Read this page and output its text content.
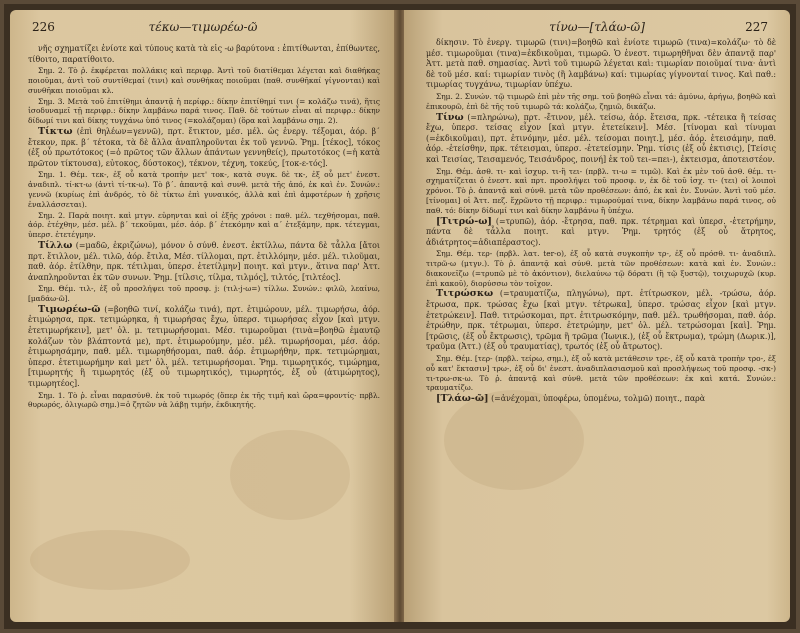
226	τέκω—τιμωρέω-ῶ
νῆς σχηματίζει ἐνίοτε καὶ τύπους κατὰ τὰ εἰς -ω βαρύτονα : ἐπιτίθωνται, ἐπίθωντες, τίθοιτο, παρατίθοιτο.
Σημ. 2. Τὸ ῥ. ἐκφέρεται πολλάκις καὶ περιφρ. Ἀντὶ τοῦ διατίθεμαι λέγεται καὶ διαθήκας ποιοῦμαι, ἀντὶ τοῦ συντίθεμαί (τινι) καὶ συνθήκας ποιοῦμαι (παθ. συνθῆκαί γίγνονται) καὶ συνθῆκαι ποιοῦμαι κλ.
Σημ. 3. Μετὰ τοῦ ἐπιτίθημι ἀπαντᾷ ἡ περίφρ.: δίκην ἐπιτίθημί τινι (= κολάζω τινά), ἥτις ἰσοδυναμεῖ τῇ περιφρ.: δίκην λαμβάνω παρά τινος. Παθ. δὲ τούτων εἶναι αἱ περιφρ.: δίκην δίδωμί τινι καὶ δίκης τυγχάνω ὑπό τινος (=κολάζομαι) (ὅρα καὶ λαμβάνω σημ. 2).
Τίκτω (ἐπὶ θηλέων=γεννῶ), πρτ. ἔτικτον, μέσ. μέλ. ὡς ἐνεργ. τέξομαι, ἀόρ. β΄ ἔτεκον, πρκ. β΄ τέτοκα, τὰ δὲ ἄλλα ἀναπληροῦνται ἐκ τοῦ γεννῶ. Ῥημ. [τέκος], τόκος (ἐξ οὗ πρωτότοκος (=ὁ πρῶτος τῶν ἄλλων ἀπάντων γεννηθείς), πρωτοτόκος (=ἡ κατὰ πρῶτον τίκτουσα), εὐτοκος, δύστοκος), τέκνον, τέχνη, τοκεύς, [τοκ-ε-τός].
Σημ. 1. Θέμ. τεκ-, ἐξ οὗ κατὰ τροπὴν μετ' τοκ-, κατὰ συγκ. δὲ τκ-, ἐξ οὗ μετ' ἐνεστ. ἀναδιπλ. τί-κτ-ω (ἀντὶ τί-τκ-ω). Τὸ β΄. ἀπαντᾷ καὶ συνθ. μετὰ τῆς ἀπό, ἐκ καὶ ἐν. Συνών.: γεννῶ (κυρίως ἐπὶ ἀνδρός, τὸ δὲ τίκτω ἐπὶ γυναικός, ἀλλὰ καὶ ἐπὶ ἀμφοτέρων ἡ χρῆσις ἐναλλάσσεται).
Σημ. 2. Παρὰ ποιητ. καὶ μτγν. εὑρηνται καὶ οἱ ἑξῆς χρόνοι : παθ. μέλ. τεχθήσομαι, παθ. ἀόρ. ἐτέχθην, μέσ. μέλ. β΄ τεκοῦμαι, μέσ. ἀόρ. β΄ ἐτεκόμην καὶ α΄ ἐτεξάμην, πρκ. τέτεγμαι, ὑπερσ. ἐτετέγμην.
Τίλλω (=μαδῶ, ἐκριζώνω), μόνον ὁ σύνθ. ἐνεστ. ἐκτίλλω, πάντα δὲ τἆλλα [ἄτοι πρτ. ἔτιλλον, μέλ. τιλῶ, ἀόρ. ἔτιλα, Μέσ. τίλλομαι, πρτ. ἐτιλλόμην, μέσ. μέλ. τιλοῦμαι, παθ. ἀόρ. ἐτίλθην, πρκ. τέτιλμαι, ὑπερσ. ἐτετίλμην] ποιητ. καὶ μτγν., ἅτινα παρ' Ἀττ. ἀναπληροῦνται ἐκ τῶν συνων. Ῥημ. [τίλσις, τίλμα, τιλμός], τιλτός, [τιλτέος].
Σημ. Θέμ. τιλ-, ἐξ οὗ προσλήψει τοῦ προσφ. j: (τιλ-j-ω=) τίλλω. Συνών.: φιλῶ, λεαίνω, [μαδάω-ῶ].
Τιμωρέω-ῶ (=βοηθῶ τινί, κολάζω τινά), πρτ. ἐτιμώρουν, μέλ. τιμωρήσω, ἀόρ. ἐτιμώρησα, πρκ. τετιμώρηκα, ἡ τιμωρήσας ἔχω, ὑπερσ. τιμωρήσας εἶχον [καὶ μτγν. ἐτετιμωρήκειν], μετ' ὀλ. μ. τετιμωρήσομαι. Μέσ. τιμωροῦμαι (τινὰ=βοηθῶ ἐμαυτῷ κολάζων τὸν βλάπτοντά με), πρτ. ἐτιμωρούμην, μέσ. μέλ. τιμωρήσομαι, μέσ. ἀόρ. ἐτιμωρησάμην, παθ. μέλ. τιμωρηθήσομαι, παθ. ἀόρ. ἐτιμωρήθην, πρκ. τετιμώρημαι, ὑπερσ. ἐτετιμωρήμην καὶ μετ' ὀλ. μέλ. τετιμωρήσομαι. Ῥημ. τιμωρητικός, τιμώρημα, [τιμωρητής ἢ τιμωρητός (ἐξ οὗ τιμωρητικός), τιμωρητός, ἐξ οὗ (ἀτιμώρητος), τιμωρητέος].
Σημ. 1. Τὸ ῥ. εἶναι παρασύνθ. ἐκ τοῦ τιμωρός (ὅπερ ἐκ τῆς τιμῆ καὶ ὤρα=φροντίς· πρβλ. θυρωρός, ὀλιγωρῶ σημ.)=ὁ ζητῶν νὰ λάβῃ τιμήν, ἐκδικητής.
τίνω—[τλάω-ῶ]	227
δίκησιν. Τὸ ἐνεργ. τιμωρῶ (τινι)=βοηθῶ καὶ ἐνίοτε τιμωρῶ (τινα)=κολάζω· τὸ δὲ μέσ. τιμωροῦμαι (τινα)=ἐκδικοῦμαι, τιμωρῶ. Ὁ ἐνεστ. τιμωρηθῆναι δὲν ἀπαντᾷ παρ' Ἀττ. μετὰ παθ. σημασίας. Ἀντὶ τοῦ τιμωρῶ λέγεται καὶ: τιμωρίαν ποιοῦμαί τινα· ἀντὶ δὲ τοῦ μέσ. καί: τιμωρίαν τινὸς (ἢ λαμβάνω) καί: τιμωρίας γίγνονταί τινος. Καὶ παθ.: τιμωρίας τυγχάνω, τιμωρίαν ὑπέχω.
Σημ. 2. Συνών. τῷ τιμωρῶ ἐπὶ μὲν τῆς σημ. τοῦ βοηθῶ εἶναι τά: ἀμύνω, ἀρήγω, βοηθῶ καὶ ἐπικουρῶ, ἐπὶ δὲ τῆς τοῦ τιμωρῶ τά: κολάζω, ζημιῶ, δικάζω.
Τίνω (=πληρώνω), πρτ. -ἔτινον, μέλ. τείσω, ἀόρ. ἔτεισα, πρκ. -τέτεικα ἢ τείσας ἔχω, ὑπερσ. τείσας εἶχον [καὶ μτγν. ἐτετείκειν]. Μέσ. [τίνομαι καὶ τίνυμαι (=ἐκδικοῦμαι), πρτ. ἐτινόμην, μέσ. μέλ. τείσομαι ποιητ.], μέσ. ἀόρ. ἐτεισάμην, παθ. ἀόρ. -ἐτείσθην, πρκ. τέτεισμαι, ὑπερσ. -ἐτετείσμην. Ῥημ. τίσις (ἐξ οὗ ἐκτισις), [Τείσις καὶ Τεισίας, Τεισαμενός, Τεισάνδρος, ποινή] ἐκ τοῦ τει-=πει-), ἐκτεισμα, ἀποτειστέον.
Σημ. Θέμ. ἀσθ. τι- καὶ ἰσχυρ. τι-ἢ τει- (πρβλ. τι-ω = τιμῶ). Καὶ ἐκ μὲν τοῦ ἀσθ. θέμ. τι- σχηματίζεται ὁ ἐνεστ. καὶ πρτ. προσλήψει τοῦ προσφ. ν, ἐκ δὲ τοῦ ἰσχ. τι- (τει) οἱ λοιποὶ χρόνοι. Τὸ ῥ. ἀπαντᾷ καὶ σύνθ. μετὰ τῶν προθέσεων: ἀπό, ἐκ καὶ ἐν. Συνών. Ἀντὶ τοῦ μέσ. [τίνομαι] οἱ Ἀττ. πεζ. ἔχρῶντο τῇ περιφρ.: τιμωρούμαί τινα, δίκην λαμβάνω παρά τινος, οὐ παθ. τό: δίκην δίδωμί τινι καὶ δίκην λαμβάνω ἢ ὑπέχω.
[Τιτρώ-ω] (=τρυπῶ), ἀόρ. -ἔτρησα, παθ. πρκ. τέτρημαι καὶ ὑπερσ. -ἐτετρήμην, πάντα δὲ τἆλλα ποιητ. καὶ μτγν. Ῥημ. τρητός (ἐξ οὗ ἄτρητος, ἀδιάτρητος=ἀδιαπέραστος).
Σημ. Θέμ. τερ- (πρβλ. λατ. ter-o), ἐξ οὗ κατὰ συγκοπὴν τρ-, ἐξ οὗ πρόσθ. τι- ἀναδιπλ. τιτρῶ-ω (μτγν.). Τὸ ῥ. ἀπαντᾷ καὶ σύνθ. μετὰ τῶν προθέσεων: κατὰ καὶ ἐν. Συνών.: διακονεῖζω (=τρυπῶ μὲ τὸ ἀκόντιον), διελαύνω τῷ δόρατι (ἢ τῷ ξυστῷ), τοιχωρυχῶ (κυρ. ἐπὶ κακοῦ), διορύσσω τὸν τοῖχον.
Τιτρώσκω (=τραυματίζω, πληγώνω), πρτ. ἐτίτρωσκον, μέλ. -τρώσω, ἀόρ. ἔτρωσα, πρκ. τρώσας ἔχω [καὶ μτγν. τέτρωκα], ὑπερσ. τρώσας εἶχον [καὶ μτγν. ἐτετρώκειν]. Παθ. τιτρώσκομαι, πρτ. ἐτιτρωσκόμην, παθ. μέλ. τρωθήσομαι, παθ. ἀόρ. ἐτρώθην, πρκ. τέτρωμαι, ὑπερσ. ἐτετρώμην, μετ' ὀλ. μέλ. τετρώσομαι [καὶ]. Ῥημ. [τρῶσις, (ἐξ οὗ ἔκτρωσις), τρῶμα ἢ τρῶμα (Ἰωνικ.), (ἐξ οὗ ἔκτρωμα), τρώμη (Δωρικ.)], τραῦμα (Ἀττ.) (ἐξ οὗ τραυματίας), τρωτός (ἐξ οὗ ἄτρωτος).
Σημ. Θέμ. [τερ- (πρβλ. τείρω, σημ.), ἐξ οὗ κατὰ μετάθεσιν τρε-, ἐξ οὗ κατὰ τροπὴν τρο-, ἐξ οὗ κατ' ἔκτασιν] τρω-, ἐξ οὗ δι' ἐνεστ. ἀναδιπλασιασμοῦ καὶ προσλήψεως τοῦ προσφ. -σκ-) τι-τρω-σκ-ω. Τὸ ῥ. ἀπαντᾷ καὶ σύνθ. μετὰ τῶν προθέσεων: ἐκ καὶ κατά. Συνών.: τραυματίζω.
[Τλάω-ῶ] (=ἀνέχομαι, ὑποφέρω, ὑπομένω, τολμῶ) ποιητ., παρὰ
